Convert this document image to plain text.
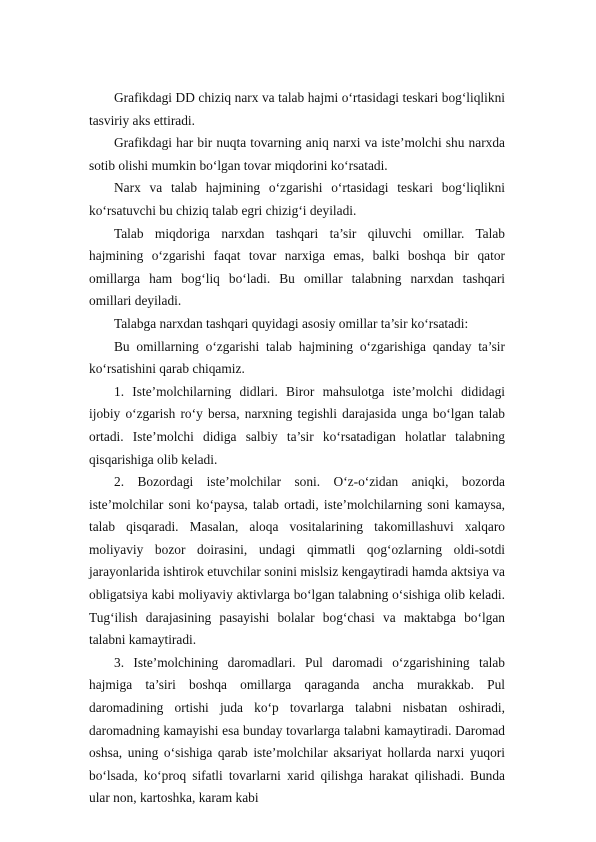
Grafikdagi DD chiziq narx va talab hajmi o‘rtasidagi teskari bog‘liqlikni tasviriy aks ettiradi.

Grafikdagi har bir nuqta tovarning aniq narxi va iste’molchi shu narxda sotib olishi mumkin bo‘lgan tovar miqdorini ko‘rsatadi.

Narx va talab hajmining o‘zgarishi o‘rtasidagi teskari bog‘liqlikni ko‘rsatuvchi bu chiziq talab egri chizig‘i deyiladi.

Talab miqdoriga narxdan tashqari ta’sir qiluvchi omillar. Talab hajmining o‘zgarishi faqat tovar narxiga emas, balki boshqa bir qator omillarga ham bog‘liq bo‘ladi. Bu omillar talabning narxdan tashqari omillari deyiladi.

Talabga narxdan tashqari quyidagi asosiy omillar ta’sir ko‘rsatadi:

Bu omillarning o‘zgarishi talab hajmining o‘zgarishiga qanday ta’sir ko‘rsatishini qarab chiqamiz.

1. Iste’molchilarning didlari. Biror mahsulotga iste’molchi dididagi ijobiy o‘zgarish ro‘y bersa, narxning tegishli darajasida unga bo‘lgan talab ortadi. Iste’molchi didiga salbiy ta’sir ko‘rsatadigan holatlar talabning qisqarishiga olib keladi.

2. Bozordagi iste’molchilar soni. O‘z-o‘zidan aniqki, bozorda iste’molchilar soni ko‘paysa, talab ortadi, iste’molchilarning soni kamaysa, talab qisqaradi. Masalan, aloqa vositalarining takomillashuvi xalqaro moliyaviy bozor doirasini, undagi qimmatli qog‘ozlarning oldi-sotdi jarayonlarida ishtirok etuvchilar sonini mislsiz kengaytiradi hamda aktsiya va obligatsiya kabi moliyaviy aktivlarga bo‘lgan talabning o‘sishiga olib keladi. Tug‘ilish darajasining pasayishi bolalar bog‘chasi va maktabga bo‘lgan talabni kamaytiradi.

3. Iste’molchining daromadlari. Pul daromadi o‘zgarishining talab hajmiga ta’siri boshqa omillarga qaraganda ancha murakkab. Pul daromadining ortishi juda ko‘p tovarlarga talabni nisbatan oshiradi, daromadning kamayishi esa bunday tovarlarga talabni kamaytiradi. Daromad oshsa, uning o‘sishiga qarab iste’molchilar aksariyat hollarda narxi yuqori bo‘lsada, ko‘proq sifatli tovarlarni xarid qilishga harakat qilishadi. Bunda ular non, kartoshka, karam kabi
